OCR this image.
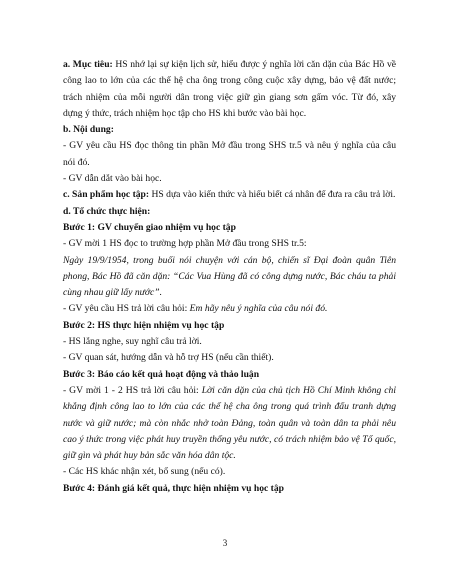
a. Mục tiêu: HS nhớ lại sự kiện lịch sử, hiểu được ý nghĩa lời căn dặn của Bác Hồ về công lao to lớn của các thế hệ cha ông trong công cuộc xây dựng, bảo vệ đất nước; trách nhiệm của mỗi người dân trong việc giữ gìn giang sơn gấm vóc. Từ đó, xây dựng ý thức, trách nhiệm học tập cho HS khi bước vào bài học.

b. Nội dung:

- GV yêu cầu HS đọc thông tin phần Mở đầu trong SHS tr.5 và nêu ý nghĩa của câu nói đó.

- GV dẫn dắt vào bài học.

c. Sản phẩm học tập: HS dựa vào kiến thức và hiểu biết cá nhân để đưa ra câu trả lời.

d. Tổ chức thực hiện:

Bước 1: GV chuyển giao nhiệm vụ học tập

- GV mời 1 HS đọc to trường hợp phần Mở đầu trong SHS tr.5:

Ngày 19/9/1954, trong buổi nói chuyện với cán bộ, chiến sĩ Đại đoàn quân Tiên phong, Bác Hồ đã căn dặn: “Các Vua Hùng đã có công dựng nước, Bác cháu ta phải cùng nhau giữ lấy nước”.

- GV yêu cầu HS trả lời câu hỏi: Em hãy nêu ý nghĩa của câu nói đó.

Bước 2: HS thực hiện nhiệm vụ học tập

- HS lắng nghe, suy nghĩ câu trả lời.

- GV quan sát, hướng dẫn và hỗ trợ HS (nếu cần thiết).

Bước 3: Báo cáo kết quả hoạt động và thảo luận

- GV mời 1 - 2 HS trả lời câu hỏi: Lời căn dặn của chủ tịch Hồ Chí Minh không chỉ khẳng định công lao to lớn của các thế hệ cha ông trong quá trình đấu tranh dựng nước và giữ nước; mà còn nhắc nhở toàn Đảng, toàn quân và toàn dân ta phải nêu cao ý thức trong việc phát huy truyền thống yêu nước, có trách nhiệm bảo vệ Tổ quốc, giữ gìn và phát huy bản sắc văn hóa dân tộc.

- Các HS khác nhận xét, bổ sung (nếu có).

Bước 4: Đánh giá kết quả, thực hiện nhiệm vụ học tập

3
